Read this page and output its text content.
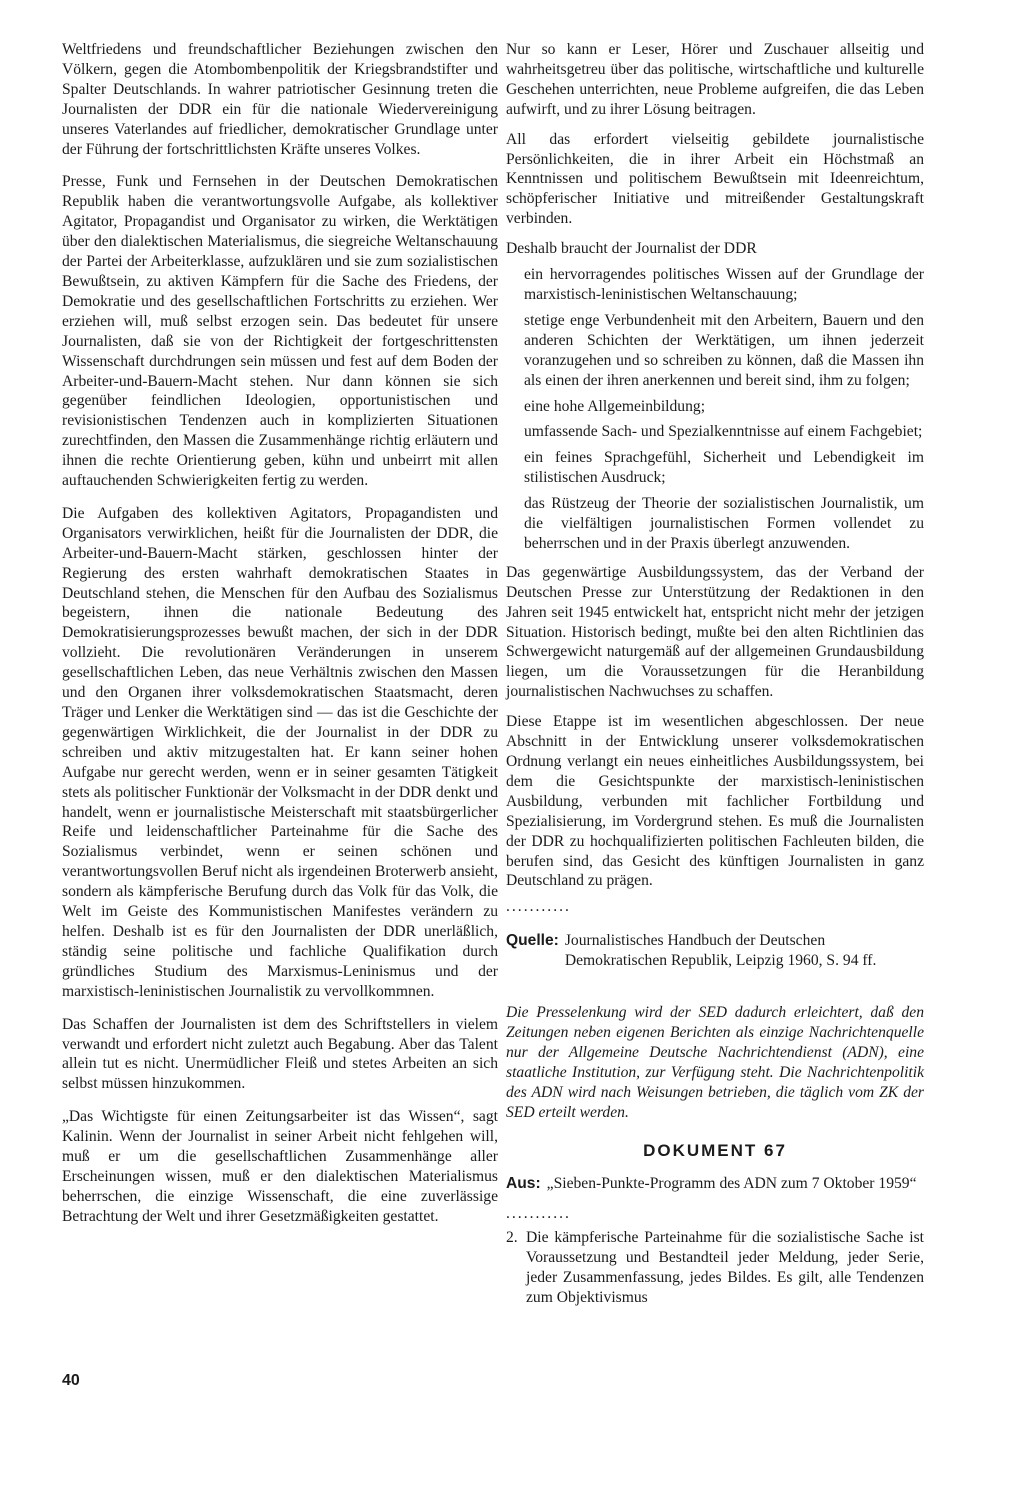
Weltfriedens und freundschaftlicher Beziehungen zwischen den Völkern, gegen die Atombombenpolitik der Kriegsbrandstifter und Spalter Deutschlands. In wahrer patriotischer Gesinnung treten die Journalisten der DDR ein für die nationale Wiedervereinigung unseres Vaterlandes auf friedlicher, demokratischer Grundlage unter der Führung der fortschrittlichsten Kräfte unseres Volkes.

Presse, Funk und Fernsehen in der Deutschen Demokratischen Republik haben die verantwortungsvolle Aufgabe, als kollektiver Agitator, Propagandist und Organisator zu wirken, die Werktätigen über den dialektischen Materialismus, die siegreiche Weltanschauung der Partei der Arbeiterklasse, aufzuklären und sie zum sozialistischen Bewußtsein, zu aktiven Kämpfern für die Sache des Friedens, der Demokratie und des gesellschaftlichen Fortschritts zu erziehen. Wer erziehen will, muß selbst erzogen sein. Das bedeutet für unsere Journalisten, daß sie von der Richtigkeit der fortgeschrittensten Wissenschaft durchdrungen sein müssen und fest auf dem Boden der Arbeiter-und-Bauern-Macht stehen. Nur dann können sie sich gegenüber feindlichen Ideologien, opportunistischen und revisionistischen Tendenzen auch in komplizierten Situationen zurechtfinden, den Massen die Zusammenhänge richtig erläutern und ihnen die rechte Orientierung geben, kühn und unbeirrt mit allen auftauchenden Schwierigkeiten fertig zu werden.

Die Aufgaben des kollektiven Agitators, Propagandisten und Organisators verwirklichen, heißt für die Journalisten der DDR, die Arbeiter-und-Bauern-Macht stärken, geschlossen hinter der Regierung des ersten wahrhaft demokratischen Staates in Deutschland stehen, die Menschen für den Aufbau des Sozialismus begeistern, ihnen die nationale Bedeutung des Demokratisierungsprozesses bewußt machen, der sich in der DDR vollzieht. Die revolutionären Veränderungen in unserem gesellschaftlichen Leben, das neue Verhältnis zwischen den Massen und den Organen ihrer volksdemokratischen Staatsmacht, deren Träger und Lenker die Werktätigen sind — das ist die Geschichte der gegenwärtigen Wirklichkeit, die der Journalist in der DDR zu schreiben und aktiv mitzugestalten hat. Er kann seiner hohen Aufgabe nur gerecht werden, wenn er in seiner gesamten Tätigkeit stets als politischer Funktionär der Volksmacht in der DDR denkt und handelt, wenn er journalistische Meisterschaft mit staatsbürgerlicher Reife und leidenschaftlicher Parteinahme für die Sache des Sozialismus verbindet, wenn er seinen schönen und verantwortungsvollen Beruf nicht als irgendeinen Broterwerb ansieht, sondern als kämpferische Berufung durch das Volk für das Volk, die Welt im Geiste des Kommunistischen Manifestes verändern zu helfen. Deshalb ist es für den Journalisten der DDR unerläßlich, ständig seine politische und fachliche Qualifikation durch gründliches Studium des Marxismus-Leninismus und der marxistisch-leninistischen Journalistik zu vervollkommnen.

Das Schaffen der Journalisten ist dem des Schriftstellers in vielem verwandt und erfordert nicht zuletzt auch Begabung. Aber das Talent allein tut es nicht. Unermüdlicher Fleiß und stetes Arbeiten an sich selbst müssen hinzukommen.

„Das Wichtigste für einen Zeitungsarbeiter ist das Wissen“, sagt Kalinin. Wenn der Journalist in seiner Arbeit nicht fehlgehen will, muß er um die gesellschaftlichen Zusammenhänge aller Erscheinungen wissen, muß er den dialektischen Materialismus beherrschen, die einzige Wissenschaft, die eine zuverlässige Betrachtung der Welt und ihrer Gesetzmäßigkeiten gestattet.

Nur so kann er Leser, Hörer und Zuschauer allseitig und wahrheitsgetreu über das politische, wirtschaftliche und kulturelle Geschehen unterrichten, neue Probleme aufgreifen, die das Leben aufwirft, und zu ihrer Lösung beitragen.

All das erfordert vielseitig gebildete journalistische Persönlichkeiten, die in ihrer Arbeit ein Höchstmaß an Kenntnissen und politischem Bewußtsein mit Ideenreichtum, schöpferischer Initiative und mitreißender Gestaltungskraft verbinden.

Deshalb braucht der Journalist der DDR

ein hervorragendes politisches Wissen auf der Grundlage der marxistisch-leninistischen Weltanschauung;
stetige enge Verbundenheit mit den Arbeitern, Bauern und den anderen Schichten der Werktätigen, um ihnen jederzeit voranzugehen und so schreiben zu können, daß die Massen ihn als einen der ihren anerkennen und bereit sind, ihm zu folgen;
eine hohe Allgemeinbildung;
umfassende Sach- und Spezialkenntnisse auf einem Fachgebiet;
ein feines Sprachgefühl, Sicherheit und Lebendigkeit im stilistischen Ausdruck;
das Rüstzeug der Theorie der sozialistischen Journalistik, um die vielfältigen journalistischen Formen vollendet zu beherrschen und in der Praxis überlegt anzuwenden.

Das gegenwärtige Ausbildungssystem, das der Verband der Deutschen Presse zur Unterstützung der Redaktionen in den Jahren seit 1945 entwickelt hat, entspricht nicht mehr der jetzigen Situation. Historisch bedingt, mußte bei den alten Richtlinien das Schwergewicht naturgemäß auf der allgemeinen Grundausbildung liegen, um die Voraussetzungen für die Heranbildung journalistischen Nachwuchses zu schaffen.

Diese Etappe ist im wesentlichen abgeschlossen. Der neue Abschnitt in der Entwicklung unserer volksdemokratischen Ordnung verlangt ein neues einheitliches Ausbildungssystem, bei dem die Gesichtspunkte der marxistisch-leninistischen Ausbildung, verbunden mit fachlicher Fortbildung und Spezialisierung, im Vordergrund stehen. Es muß die Journalisten der DDR zu hochqualifizierten politischen Fachleuten bilden, die berufen sind, das Gesicht des künftigen Journalisten in ganz Deutschland zu prägen.

...........
Quelle: Journalistisches Handbuch der Deutschen Demokratischen Republik, Leipzig 1960, S. 94 ff.

Die Presselenkung wird der SED dadurch erleichtert, daß den Zeitungen neben eigenen Berichten als einzige Nachrichtenquelle nur der Allgemeine Deutsche Nachrichtendienst (ADN), eine staatliche Institution, zur Verfügung steht. Die Nachrichtenpolitik des ADN wird nach Weisungen betrieben, die täglich vom ZK der SED erteilt werden.

DOKUMENT 67
Aus: „Sieben-Punkte-Programm des ADN zum 7 Oktober 1959“
...........
2. Die kämpferische Parteinahme für die sozialistische Sache ist Voraussetzung und Bestandteil jeder Meldung, jeder Serie, jeder Zusammenfassung, jedes Bildes. Es gilt, alle Tendenzen zum Objektivismus
40
